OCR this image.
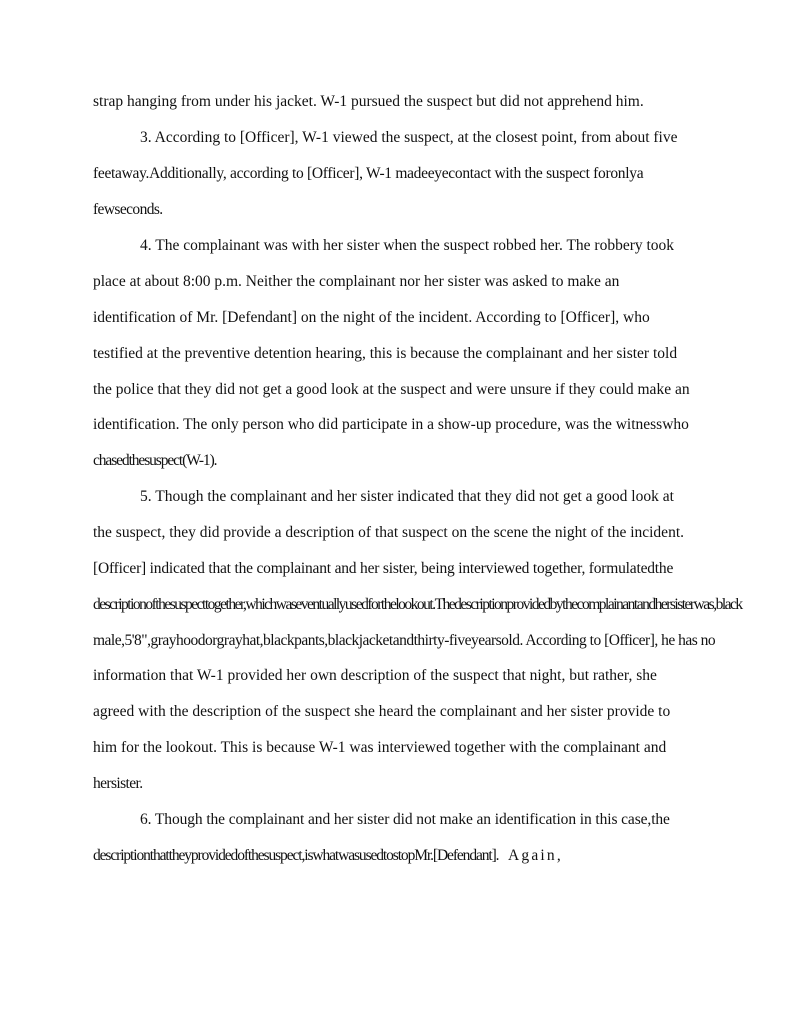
strap hanging from under his jacket. W-1 pursued the suspect but did not apprehend him.
3. According to [Officer], W-1 viewed the suspect, at the closest point, from about five
feetaway.Additionally, according to [Officer], W-1 madeeyecontact with the suspect foronlya
fewseconds.
4. The complainant was with her sister when the suspect robbed her. The robbery took
place at about 8:00 p.m. Neither the complainant nor her sister was asked to make an
identification of Mr. [Defendant] on the night of the incident. According to [Officer], who
testified at the preventive detention hearing, this is because the complainant and her sister told
the police that they did not get a good look at the suspect and were unsure if they could make an
identification. The only person who did participate in a show-up procedure, was the witnesswho
chasedthesuspect(W-1).
5. Though the complainant and her sister indicated that they did not get a good look at
the suspect, they did provide a description of that suspect on the scene the night of the incident.
[Officer] indicated that the complainant and her sister, being interviewed together, formulatedthe
descriptionofthesuspecttogether,whichwaseventuallyusedforthelookout.Thedescriptionprovidedbythecomplainantandhersisterwas,black
male,5'8",grayhoodorgrayhat,blackpants,blackjacketandthirty-fiveyearsold. According to [Officer], he has no
information that W-1 provided her own description of the suspect that night, but rather, she
agreed with the description of the suspect she heard the complainant and her sister provide to
him for the lookout. This is because W-1 was interviewed together with the complainant and
hersister.
6. Though the complainant and her sister did not make an identification in this case,the
descriptionthattheyprovidedofthesuspect,iswhatwasusedtostopMr.[Defendant]. Again,
